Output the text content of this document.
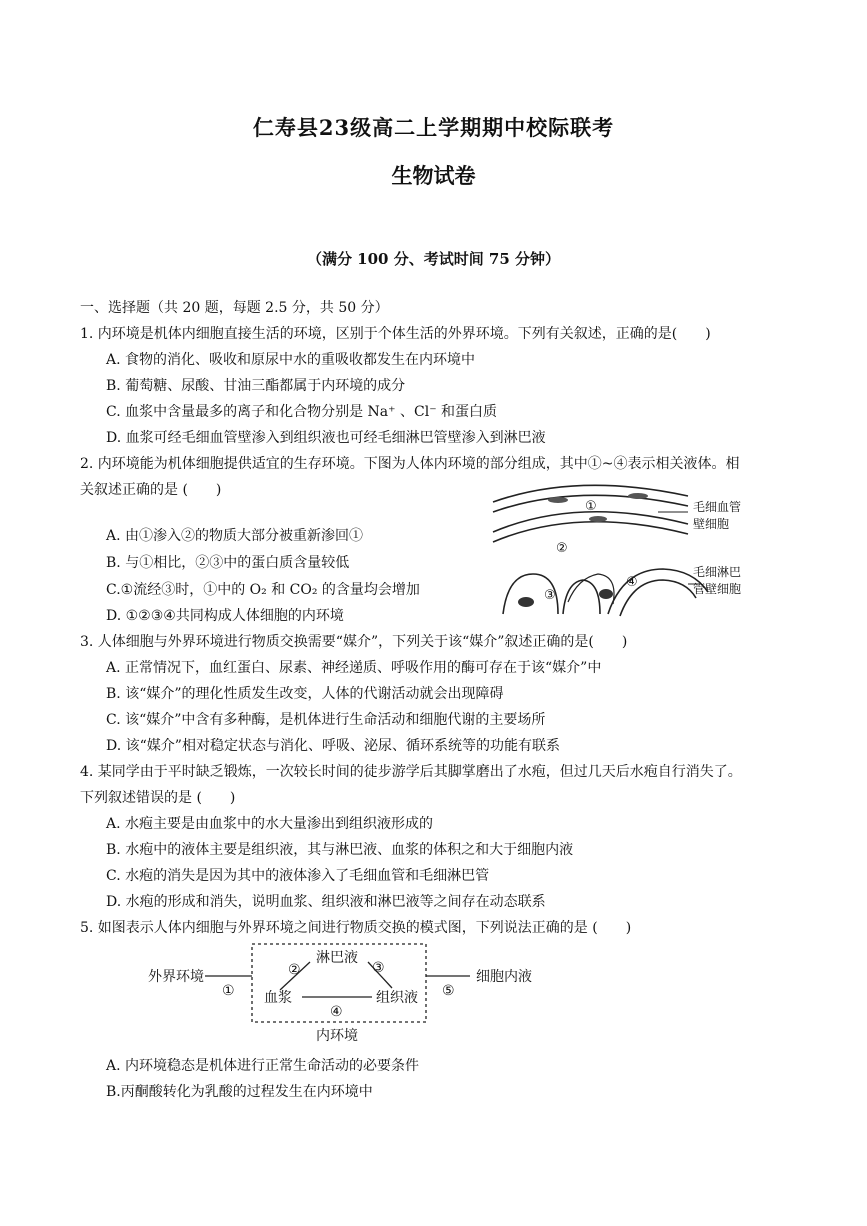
仁寿县23级高二上学期期中校际联考
生物试卷
（满分 100 分、考试时间 75 分钟）
一、选择题（共 20 题，每题 2.5 分，共 50 分）
1. 内环境是机体内细胞直接生活的环境，区别于个体生活的外界环境。下列有关叙述，正确的是(　　)
A. 食物的消化、吸收和原尿中水的重吸收都发生在内环境中
B. 葡萄糖、尿酸、甘油三酯都属于内环境的成分
C. 血浆中含量最多的离子和化合物分别是 Na⁺ 、Cl⁻ 和蛋白质
D. 血浆可经毛细血管壁渗入到组织液也可经毛细淋巴管壁渗入到淋巴液
2. 内环境能为机体细胞提供适宜的生存环境。下图为人体内环境的部分组成，其中①~④表示相关液体。相
关叙述正确的是 (　　)
A. 由①渗入②的物质大部分被重新渗回①
B. 与①相比，②③中的蛋白质含量较低
C.①流经③时，①中的 O₂ 和 CO₂ 的含量均会增加
D. ①②③④共同构成人体细胞的内环境
①
②
③
④
毛细血管
壁细胞
毛细淋巴
管壁细胞
3. 人体细胞与外界环境进行物质交换需要“媒介”，下列关于该“媒介”叙述正确的是(　　)
A. 正常情况下，血红蛋白、尿素、神经递质、呼吸作用的酶可存在于该“媒介”中
B. 该“媒介”的理化性质发生改变，人体的代谢活动就会出现障碍
C. 该“媒介”中含有多种酶，是机体进行生命活动和细胞代谢的主要场所
D. 该“媒介”相对稳定状态与消化、呼吸、泌尿、循环系统等的功能有联系
4. 某同学由于平时缺乏锻炼，一次较长时间的徒步游学后其脚掌磨出了水疱，但过几天后水疱自行消失了。
下列叙述错误的是 (　　)
A. 水疱主要是由血浆中的水大量渗出到组织液形成的
B. 水疱中的液体主要是组织液，其与淋巴液、血浆的体积之和大于细胞内液
C. 水疱的消失是因为其中的液体渗入了毛细血管和毛细淋巴管
D. 水疱的形成和消失，说明血浆、组织液和淋巴液等之间存在动态联系
5. 如图表示人体内细胞与外界环境之间进行物质交换的模式图，下列说法正确的是 (　　)
外界环境
①
淋巴液
②	③
血浆	组织液
④
⑤
细胞内液
内环境
A. 内环境稳态是机体进行正常生命活动的必要条件
B.丙酮酸转化为乳酸的过程发生在内环境中
